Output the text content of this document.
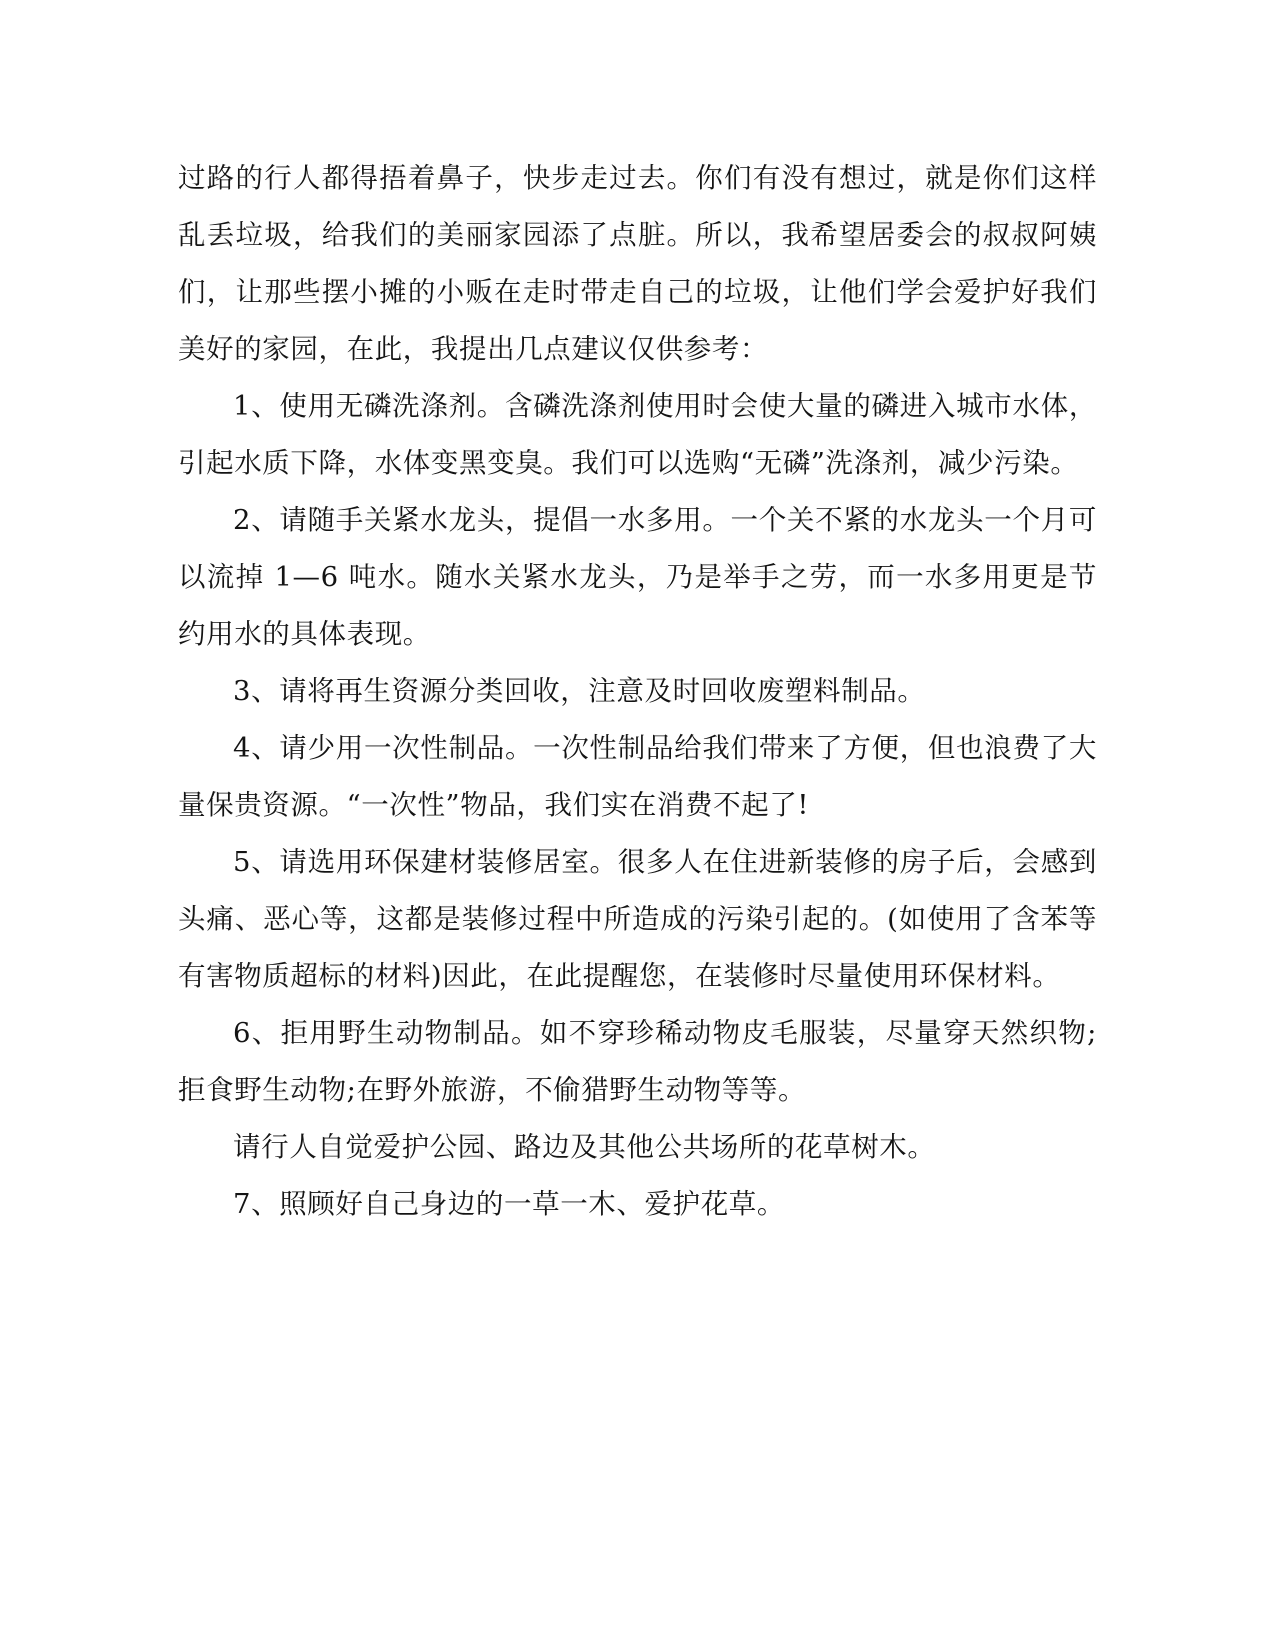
过路的行人都得捂着鼻子，快步走过去。你们有没有想过，就是你们这样乱丢垃圾，给我们的美丽家园添了点脏。所以，我希望居委会的叔叔阿姨们，让那些摆小摊的小贩在走时带走自己的垃圾，让他们学会爱护好我们美好的家园，在此，我提出几点建议仅供参考：

1、使用无磷洗涤剂。含磷洗涤剂使用时会使大量的磷进入城市水体，引起水质下降，水体变黑变臭。我们可以选购“无磷”洗涤剂，减少污染。

2、请随手关紧水龙头，提倡一水多用。一个关不紧的水龙头一个月可以流掉 1—6 吨水。随水关紧水龙头，乃是举手之劳，而一水多用更是节约用水的具体表现。

3、请将再生资源分类回收，注意及时回收废塑料制品。

4、请少用一次性制品。一次性制品给我们带来了方便，但也浪费了大量保贵资源。“一次性”物品，我们实在消费不起了!

5、请选用环保建材装修居室。很多人在住进新装修的房子后，会感到头痛、恶心等，这都是装修过程中所造成的污染引起的。(如使用了含苯等有害物质超标的材料)因此，在此提醒您，在装修时尽量使用环保材料。

6、拒用野生动物制品。如不穿珍稀动物皮毛服装，尽量穿天然织物;拒食野生动物;在野外旅游，不偷猎野生动物等等。

请行人自觉爱护公园、路边及其他公共场所的花草树木。

7、照顾好自己身边的一草一木、爱护花草。
